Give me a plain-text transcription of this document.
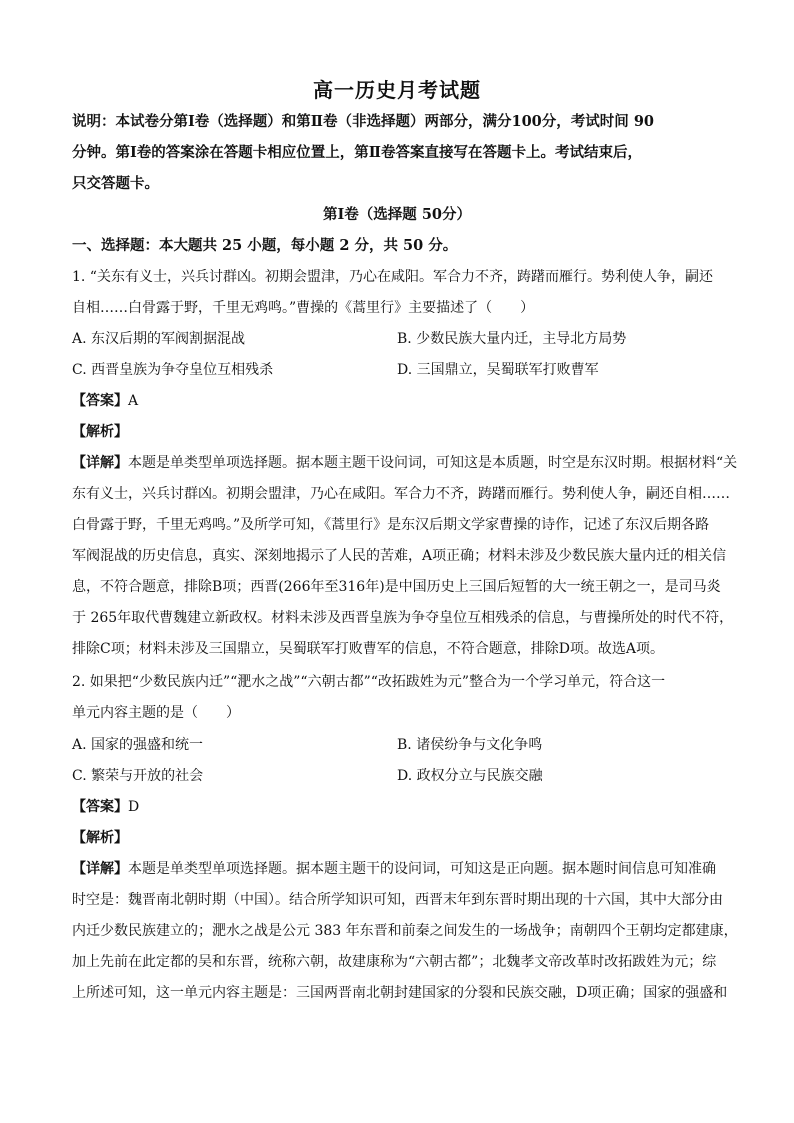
高一历史月考试题
说明：本试卷分第Ⅰ卷（选择题）和第Ⅱ卷（非选择题）两部分，满分100分，考试时间 90
分钟。第Ⅰ卷的答案涂在答题卡相应位置上，第Ⅱ卷答案直接写在答题卡上。考试结束后，
只交答题卡。
第Ⅰ卷（选择题 50分）
一、选择题：本大题共 25 小题，每小题 2 分，共 50 分。
1. “关东有义士，兴兵讨群凶。初期会盟津，乃心在咸阳。军合力不齐，踌躇而雁行。势利使人争，嗣还
自相……白骨露于野，千里无鸡鸣。”曹操的《蒿里行》主要描述了（　　）
A. 东汉后期的军阀割据混战	B. 少数民族大量内迁，主导北方局势
C. 西晋皇族为争夺皇位互相残杀	D. 三国鼎立，吴蜀联军打败曹军
【答案】A
【解析】
【详解】本题是单类型单项选择题。据本题主题干设问词，可知这是本质题，时空是东汉时期。根据材料“关
东有义士，兴兵讨群凶。初期会盟津，乃心在咸阳。军合力不齐，踌躇而雁行。势利使人争，嗣还自相……
白骨露于野，千里无鸡鸣。”及所学可知，《蒿里行》是东汉后期文学家曹操的诗作，记述了东汉后期各路
军阀混战的历史信息，真实、深刻地揭示了人民的苦难，A项正确；材料未涉及少数民族大量内迁的相关信
息，不符合题意，排除B项；西晋(266年至316年)是中国历史上三国后短暂的大一统王朝之一，是司马炎
于 265年取代曹魏建立新政权。材料未涉及西晋皇族为争夺皇位互相残杀的信息，与曹操所处的时代不符，
排除C项；材料未涉及三国鼎立，吴蜀联军打败曹军的信息，不符合题意，排除D项。故选A项。
2. 如果把“少数民族内迁”“淝水之战”“六朝古都”“改拓跋姓为元”整合为一个学习单元，符合这一
单元内容主题的是（　　）
A. 国家的强盛和统一	B. 诸侯纷争与文化争鸣
C. 繁荣与开放的社会	D. 政权分立与民族交融
【答案】D
【解析】
【详解】本题是单类型单项选择题。据本题主题干的设问词，可知这是正向题。据本题时间信息可知准确
时空是：魏晋南北朝时期（中国）。结合所学知识可知，西晋末年到东晋时期出现的十六国，其中大部分由
内迁少数民族建立的；淝水之战是公元 383 年东晋和前秦之间发生的一场战争；南朝四个王朝均定都建康，
加上先前在此定都的吴和东晋，统称六朝，故建康称为“六朝古都”；北魏孝文帝改革时改拓跋姓为元；综
上所述可知，这一单元内容主题是：三国两晋南北朝封建国家的分裂和民族交融，D项正确；国家的强盛和
